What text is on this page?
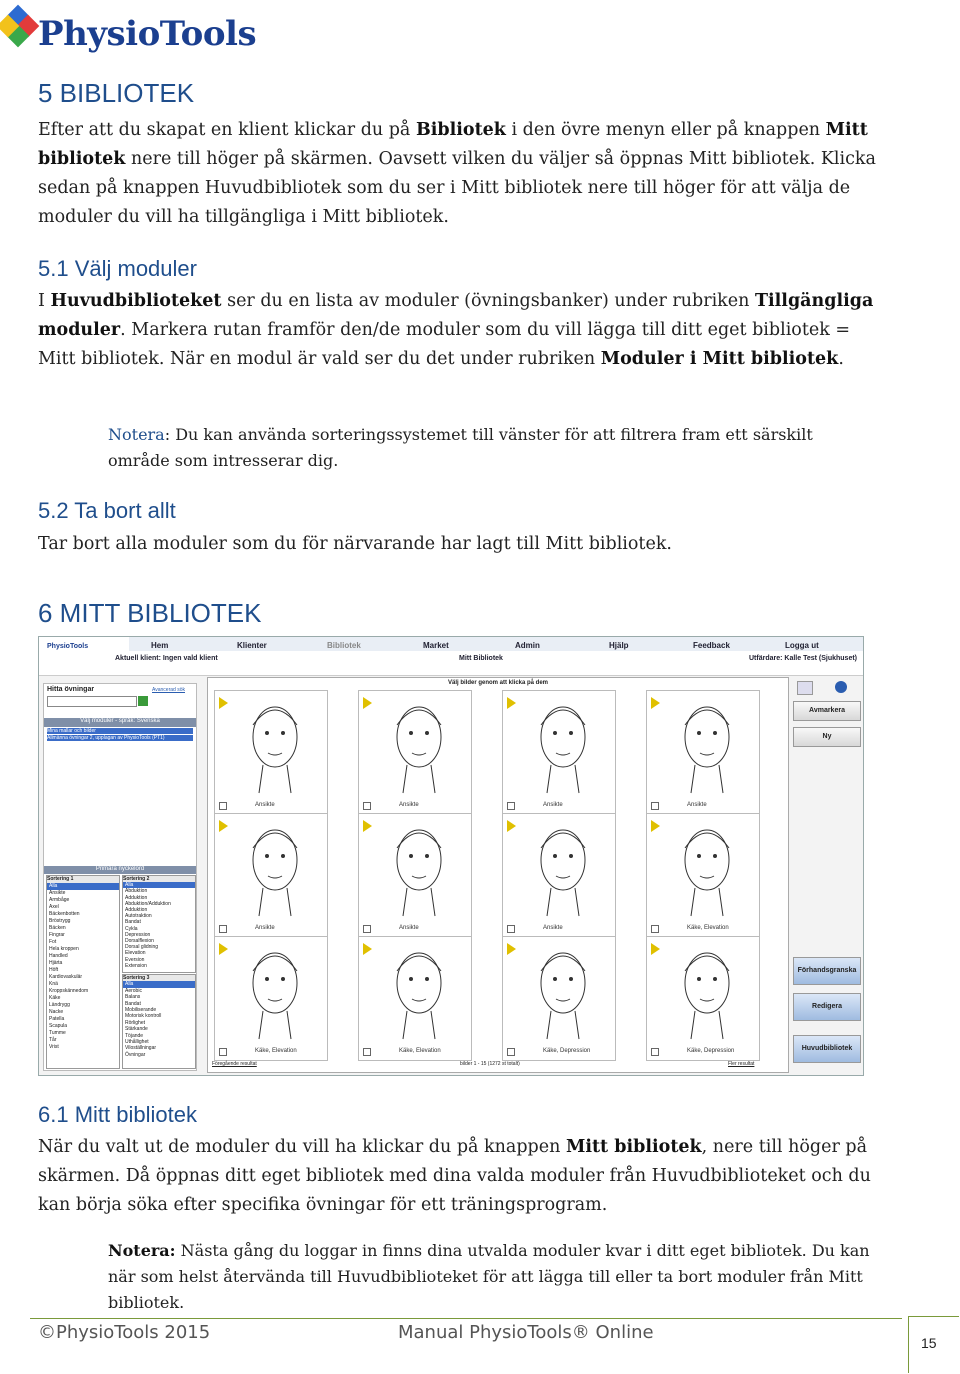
PhysioTools
5 BIBLIOTEK

Efter att du skapat en klient klickar du på Bibliotek i den övre menyn eller på knappen Mitt bibliotek nere till höger på skärmen. Oavsett vilken du väljer så öppnas Mitt bibliotek. Klicka sedan på knappen Huvudbibliotek som du ser i Mitt bibliotek nere till höger för att välja de moduler du vill ha tillgängliga i Mitt bibliotek.

5.1 Välj moduler

I Huvudbiblioteket ser du en lista av moduler (övningsbanker) under rubriken Tillgängliga moduler. Markera rutan framför den/de moduler som du vill lägga till ditt eget bibliotek = Mitt bibliotek. När en modul är vald ser du det under rubriken Moduler i Mitt bibliotek.

Notera: Du kan använda sorteringssystemet till vänster för att filtrera fram ett särskilt område som intresserar dig.

5.2 Ta bort allt

Tar bort alla moduler som du för närvarande har lagt till Mitt bibliotek.

6 MITT BIBLIOTEK
PhysioTools	Hem	Klienter	Bibliotek	Market	Admin	Hjälp	Feedback	Logga ut
Aktuell klient: Ingen vald klient	Mitt Bibliotek	Utfärdare: Kalle Test (Sjukhuset)
Hitta övningar	Avancerad sök
Välj moduler - språk: Svenska
Mina mallar och bilder
Allmänna övningar 2, upplagan av PhysioTools (PT1)
Primära nyckelord
Sortering 1
Alla
Ansikte
Armbåge
Axel
Bäckenbotten
Bröstrygg
Bäcken
Fingrar
Fot
Hela kroppen
Handled
Hjärta
Höft
Kardiovaskulär
Knä
Kroppskännedom
Käke
Ländrygg
Nacke
Patella
Scapula
Tumme
Tår
Vrist
Sortering 2
Alla
Abduktion
Adduktion
Abduktion/Adduktion
Adduktion
Autotraktion
Bandat
Cykla
Depression
Dorsalflexion
Dorsal glidning
Elevation
Eversion
Extension
Sortering 3
Alla
Aerobic
Balans
Bandat
Mobiliserande
Motorisk kontroll
Rörlighet
Stärkande
Töjande
Uthållighet
Viloställningar
Övningar
Välj bilder genom att klicka på dem
Ansikte	Ansikte	Ansikte	Ansikte
Ansikte	Ansikte	Ansikte	Käke, Elevation
Käke, Elevation	Käke, Elevation	Käke, Depression	Käke, Depression
Föregående resultat	bilder 1 - 15 (1272 st totalt)	Fler resultat
Avmarkera
Ny
Förhandsgranska
Redigera
Huvudbibliotek
6.1 Mitt bibliotek

När du valt ut de moduler du vill ha klickar du på knappen Mitt bibliotek, nere till höger på skärmen. Då öppnas ditt eget bibliotek med dina valda moduler från Huvudbiblioteket och du kan börja söka efter specifika övningar för ett träningsprogram.

Notera: Nästa gång du loggar in finns dina utvalda moduler kvar i ditt eget bibliotek. Du kan när som helst återvända till Huvudbiblioteket för att lägga till eller ta bort moduler från Mitt bibliotek.

©PhysioTools 2015	Manual PhysioTools® Online	15
